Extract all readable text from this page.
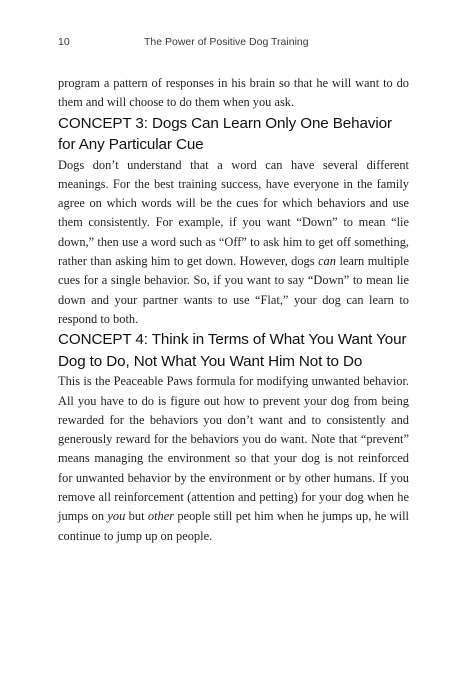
10	The Power of Positive Dog Training

program a pattern of responses in his brain so that he will want to do them and will choose to do them when you ask.

CONCEPT 3: Dogs Can Learn Only One Behavior
for Any Particular Cue

Dogs don’t understand that a word can have several different meanings. For the best training success, have everyone in the family agree on which words will be the cues for which behaviors and use them consistently. For example, if you want “Down” to mean “lie down,” then use a word such as “Off” to ask him to get off something, rather than asking him to get down. However, dogs can learn multiple cues for a single behavior. So, if you want to say “Down” to mean lie down and your partner wants to use “Flat,” your dog can learn to respond to both.

CONCEPT 4: Think in Terms of What You Want Your
Dog to Do, Not What You Want Him Not to Do

This is the Peaceable Paws formula for modifying unwanted behavior. All you have to do is figure out how to prevent your dog from being rewarded for the behaviors you don’t want and to consistently and generously reward for the behaviors you do want. Note that “prevent” means managing the environment so that your dog is not reinforced for unwanted behavior by the environment or by other humans. If you remove all reinforcement (attention and petting) for your dog when he jumps on you but other people still pet him when he jumps up, he will continue to jump up on people.
